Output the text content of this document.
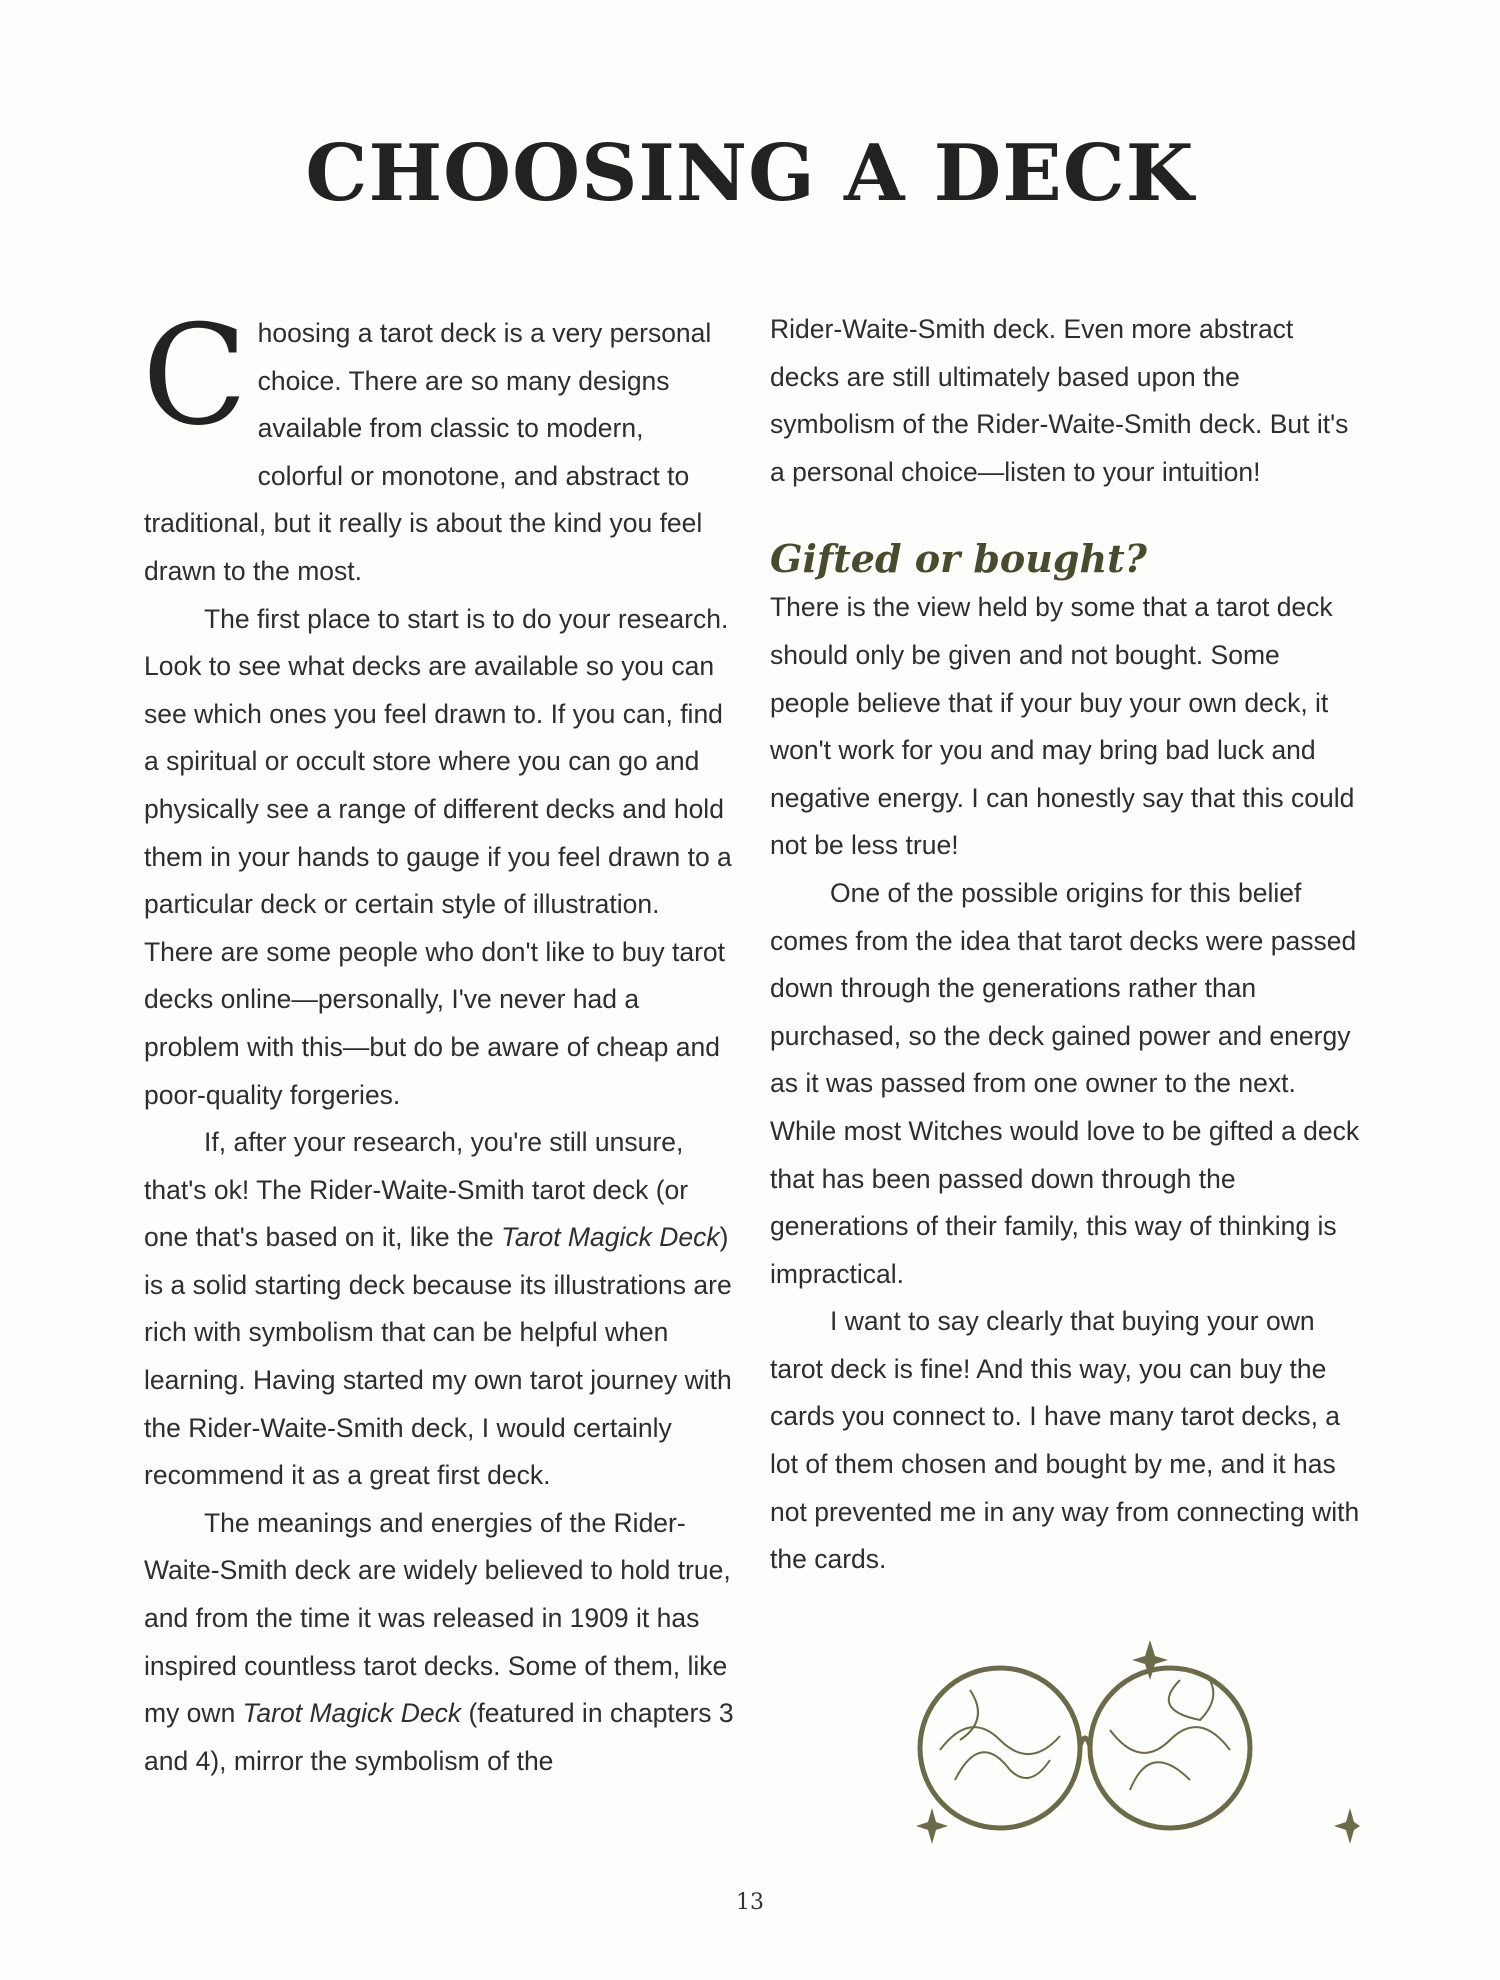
CHOOSING A DECK

Choosing a tarot deck is a very personal choice. There are so many designs available from classic to modern, colorful or monotone, and abstract to traditional, but it really is about the kind you feel drawn to the most.

The first place to start is to do your research. Look to see what decks are available so you can see which ones you feel drawn to. If you can, find a spiritual or occult store where you can go and physically see a range of different decks and hold them in your hands to gauge if you feel drawn to a particular deck or certain style of illustration. There are some people who don't like to buy tarot decks online—personally, I've never had a problem with this—but do be aware of cheap and poor-quality forgeries.

If, after your research, you're still unsure, that's ok! The Rider-Waite-Smith tarot deck (or one that's based on it, like the Tarot Magick Deck) is a solid starting deck because its illustrations are rich with symbolism that can be helpful when learning. Having started my own tarot journey with the Rider-Waite-Smith deck, I would certainly recommend it as a great first deck.

The meanings and energies of the Rider-Waite-Smith deck are widely believed to hold true, and from the time it was released in 1909 it has inspired countless tarot decks. Some of them, like my own Tarot Magick Deck (featured in chapters 3 and 4), mirror the symbolism of the

Rider-Waite-Smith deck. Even more abstract decks are still ultimately based upon the symbolism of the Rider-Waite-Smith deck. But it's a personal choice—listen to your intuition!

Gifted or bought?

There is the view held by some that a tarot deck should only be given and not bought. Some people believe that if your buy your own deck, it won't work for you and may bring bad luck and negative energy. I can honestly say that this could not be less true!

One of the possible origins for this belief comes from the idea that tarot decks were passed down through the generations rather than purchased, so the deck gained power and energy as it was passed from one owner to the next. While most Witches would love to be gifted a deck that has been passed down through the generations of their family, this way of thinking is impractical.

I want to say clearly that buying your own tarot deck is fine! And this way, you can buy the cards you connect to. I have many tarot decks, a lot of them chosen and bought by me, and it has not prevented me in any way from connecting with the cards.

13
